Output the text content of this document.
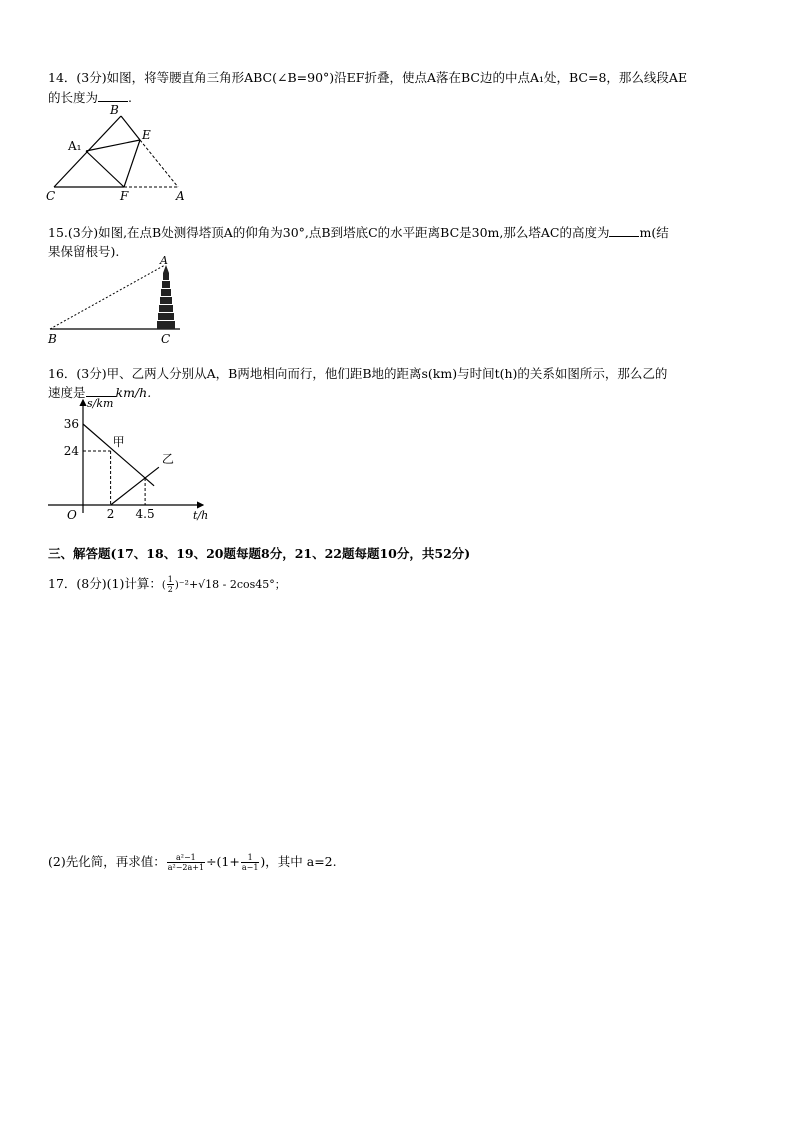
14．(3分)如图，将等腰直角三角形ABC(∠B=90°)沿EF折叠，使点A落在BC边的中点A₁处，BC=8，那么线段AE
的长度为 .
B
E
A₁
C	F	A
15.(3分)如图,在点B处测得塔顶A的仰角为30°,点B到塔底C的水平距离BC是30m,那么塔AC的高度为 m(结
果保留根号).
A
B	C
16．(3分)甲、乙两人分别从A，B两地相向而行，他们距B地的距离s(km)与时间t(h)的关系如图所示，那么乙的
速度是 km/h.
s/km
t/h
O
36
24
2 4.5
甲
乙
三、解答题(17、18、19、20题每题8分，21、22题每题10分，共52分)
17．(8分)(1)计算：( $\frac{1}{2} )^{-2}+√18 - 2\cos 45^\circ$；
(2)先化简，再求值： $\frac{\text{a²−1}}{\text{a²−2a+1}} \div(1+ \frac{1}{a-1}$ )，其中 a=2.
